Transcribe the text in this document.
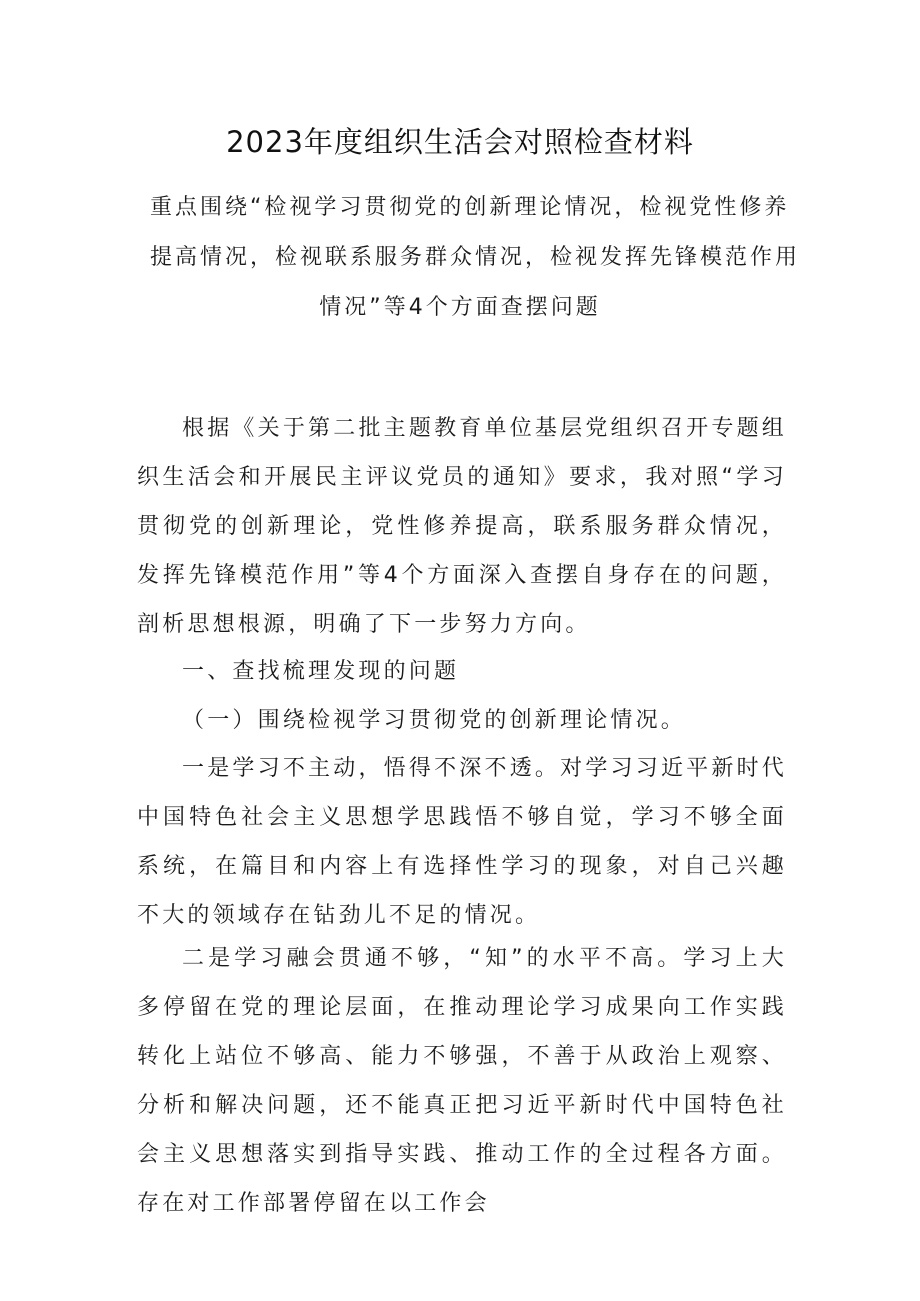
2023年度组织生活会对照检查材料
重点围绕“检视学习贯彻党的创新理论情况，检视党性修养
提高情况，检视联系服务群众情况，检视发挥先锋模范作用
情况”等4个方面查摆问题

根据《关于第二批主题教育单位基层党组织召开专题组织生活会和开展民主评议党员的通知》要求，我对照“学习贯彻党的创新理论，党性修养提高，联系服务群众情况，发挥先锋模范作用”等4个方面深入查摆自身存在的问题，剖析思想根源，明确了下一步努力方向。

一、查找梳理发现的问题

（一）围绕检视学习贯彻党的创新理论情况。

一是学习不主动，悟得不深不透。对学习习近平新时代中国特色社会主义思想学思践悟不够自觉，学习不够全面系统，在篇目和内容上有选择性学习的现象，对自己兴趣不大的领域存在钻劲儿不足的情况。

二是学习融会贯通不够，“知”的水平不高。学习上大多停留在党的理论层面，在推动理论学习成果向工作实践转化上站位不够高、能力不够强，不善于从政治上观察、分析和解决问题，还不能真正把习近平新时代中国特色社会主义思想落实到指导实践、推动工作的全过程各方面。存在对工作部署停留在以工作会
